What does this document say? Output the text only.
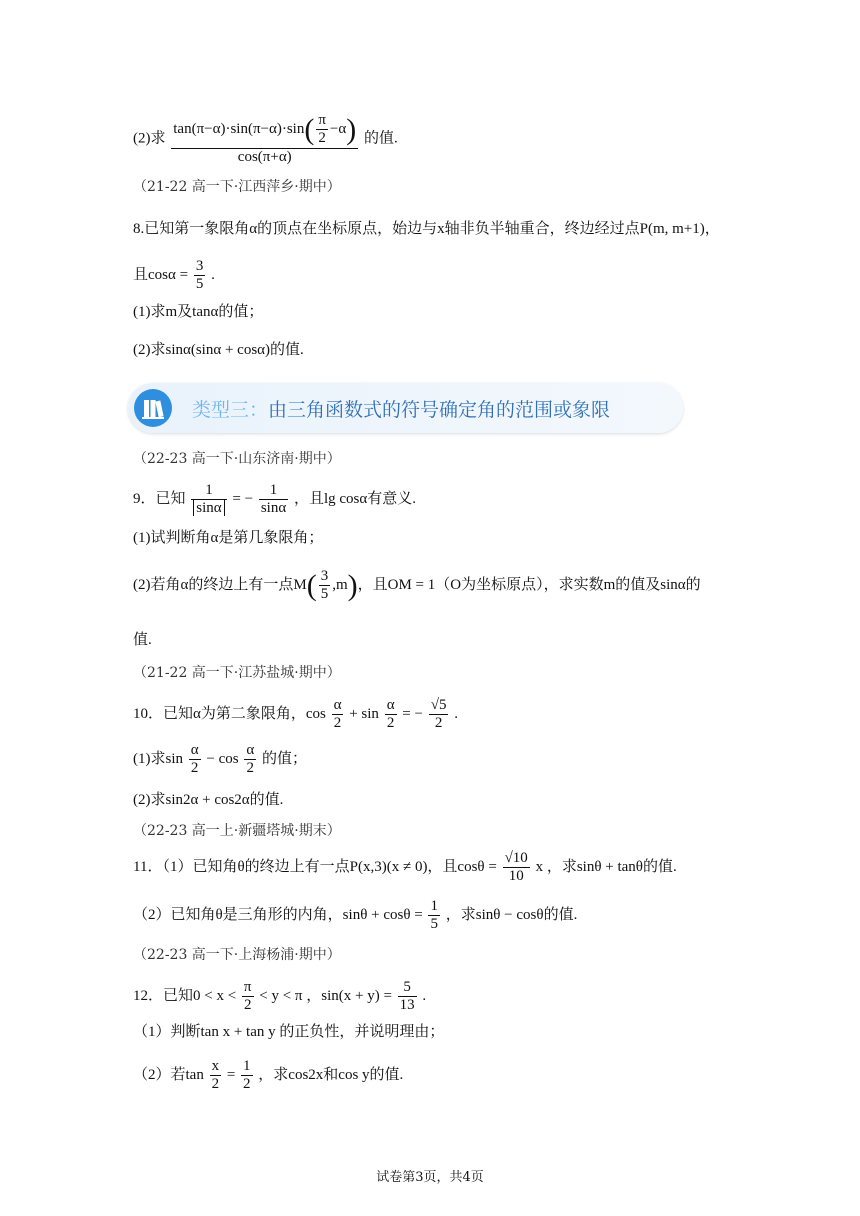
(2)求 $\frac{\tan(\pi-\alpha)\cdot\sin(\pi-\alpha)\cdot\sin( \frac{\pi}{2} -\alpha)}{\cos(\pi+\alpha)}$ 的值.
（21-22 高一下·江西萍乡·期中）
8.已知第一象限角α的顶点在坐标原点，始边与x轴非负半轴重合，终边经过点P(m, m+1)，
且$\cos\alpha = \frac{3}{5}$ .
(1)求m及tanα的值；
(2)求sinα(sinα + cosα)的值.
类型三：由三角函数式的符号确定角的范围或象限
（22-23 高一下·山东济南·期中）
9．已知 $\frac{1}{\sin\alpha}$ = − $\frac{1}{\sin\alpha}$ ，且lg cosα有意义.
(1)试判断角α是第几象限角；
(2)若角α的终边上有一点$M( \frac{3}{5} ,m)$，且OM = 1（O为坐标原点），求实数m的值及sinα的
值.
（21-22 高一下·江苏盐城·期中）
10．已知α为第二象限角，$\cos \frac{\alpha}{2} + \sin \frac{\alpha}{2}$ = − $\frac{√5}{2}$ .
(1)求$\sin \frac{\alpha}{2} - \cos \frac{\alpha}{2}$ 的值；
(2)求sin2α + cos2α的值.
（22-23 高一上·新疆塔城·期末）
11．（1）已知角θ的终边上有一点P(x,3)(x ≠ 0)，且$\cos\theta = \frac{√10}{10}$ x ，求sinθ + tanθ的值.
（2）已知角θ是三角形的内角，$\sin\theta + \cos\theta = \frac{1}{5}$ ，求sinθ − cosθ的值.
（22-23 高一下·上海杨浦·期中）
12．已知$0 < x < \frac{\pi}{2} < y < \pi$ ，$\sin(x + y) = \frac{5}{13}$ .
（1）判断tan x + tan y 的正负性，并说明理由；
（2）若$\tan \frac{x}{2} = \frac{1}{2}$ ，求cos2x和cos y的值.
试卷第3页，共4页
